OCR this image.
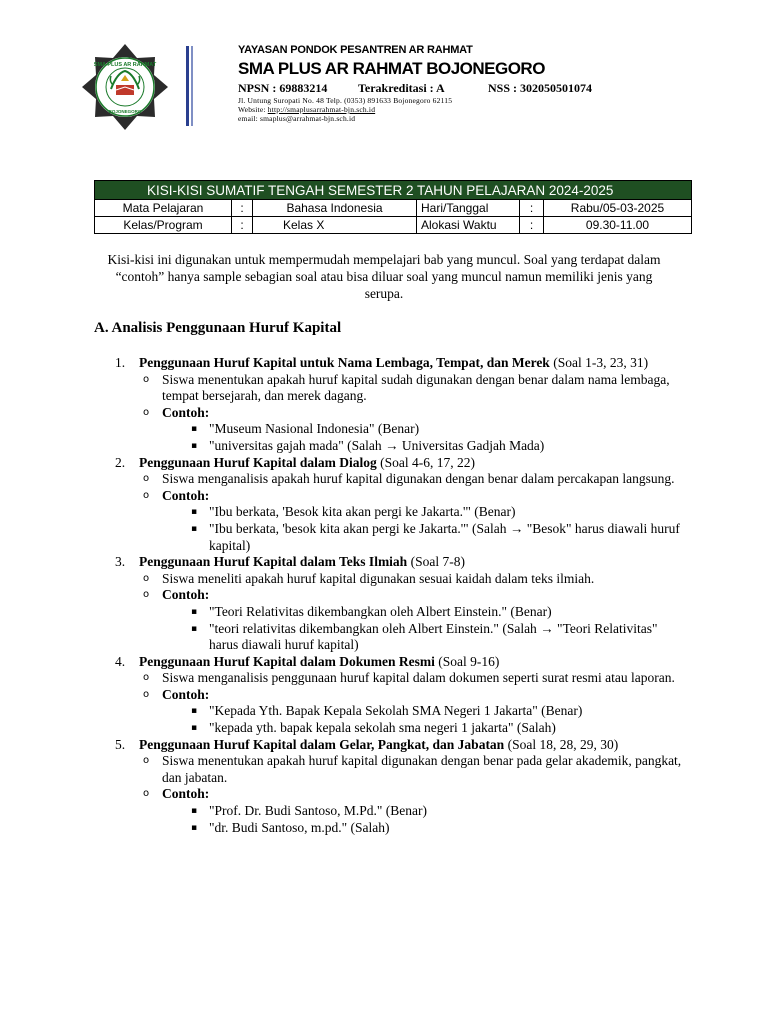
SMA PLUS AR RAHMAT
BOJONEGORO
YAYASAN PONDOK PESANTREN AR RAHMAT
SMA PLUS AR RAHMAT BOJONEGORO
NPSN : 69883214	Terakreditasi : A	NSS : 302050501074
Jl. Untung Suropati No. 48 Telp. (0353) 891633 Bojonegoro 62115
Website: http://smaplusarrahmat-bjn.sch.id
email: smaplus@arrahmat-bjn.sch.id
KISI-KISI SUMATIF TENGAH SEMESTER 2 TAHUN PELAJARAN 2024-2025					
Mata Pelajaran	:	Bahasa Indonesia	Hari/Tanggal	:	Rabu/05-03-2025
Kelas/Program	:	Kelas X	Alokasi Waktu	:	09.30-11.00
Kisi-kisi ini digunakan untuk mempermudah mempelajari bab yang muncul. Soal yang terdapat dalam “contoh” hanya sample sebagian soal atau bisa diluar soal yang muncul namun memiliki jenis yang serupa.
A. Analisis Penggunaan Huruf Kapital
1. Penggunaan Huruf Kapital untuk Nama Lembaga, Tempat, dan Merek (Soal 1-3, 23, 31)
o Siswa menentukan apakah huruf kapital sudah digunakan dengan benar dalam nama lembaga, tempat bersejarah, dan merek dagang.
o Contoh:
▪ "Museum Nasional Indonesia" (Benar)
▪ "universitas gajah mada" (Salah → Universitas Gadjah Mada)
2. Penggunaan Huruf Kapital dalam Dialog (Soal 4-6, 17, 22)
o Siswa menganalisis apakah huruf kapital digunakan dengan benar dalam percakapan langsung.
o Contoh:
▪ "Ibu berkata, 'Besok kita akan pergi ke Jakarta.'" (Benar)
▪ "Ibu berkata, 'besok kita akan pergi ke Jakarta.'" (Salah → "Besok" harus diawali huruf kapital)
3. Penggunaan Huruf Kapital dalam Teks Ilmiah (Soal 7-8)
o Siswa meneliti apakah huruf kapital digunakan sesuai kaidah dalam teks ilmiah.
o Contoh:
▪ "Teori Relativitas dikembangkan oleh Albert Einstein." (Benar)
▪ "teori relativitas dikembangkan oleh Albert Einstein." (Salah → "Teori Relativitas" harus diawali huruf kapital)
4. Penggunaan Huruf Kapital dalam Dokumen Resmi (Soal 9-16)
o Siswa menganalisis penggunaan huruf kapital dalam dokumen seperti surat resmi atau laporan.
o Contoh:
▪ "Kepada Yth. Bapak Kepala Sekolah SMA Negeri 1 Jakarta" (Benar)
▪ "kepada yth. bapak kepala sekolah sma negeri 1 jakarta" (Salah)
5. Penggunaan Huruf Kapital dalam Gelar, Pangkat, dan Jabatan (Soal 18, 28, 29, 30)
o Siswa menentukan apakah huruf kapital digunakan dengan benar pada gelar akademik, pangkat, dan jabatan.
o Contoh:
▪ "Prof. Dr. Budi Santoso, M.Pd." (Benar)
▪ "dr. Budi Santoso, m.pd." (Salah)
